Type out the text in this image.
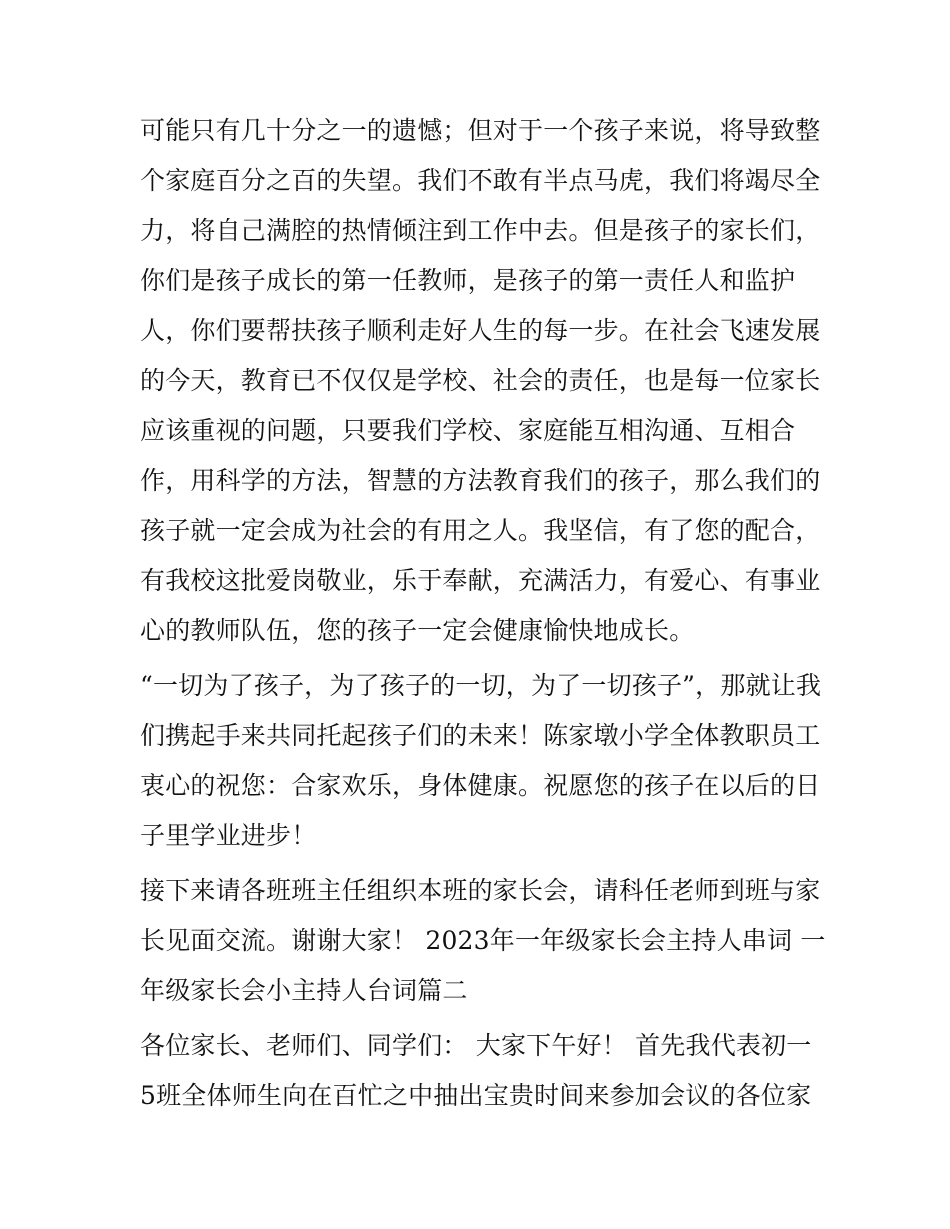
可能只有几十分之一的遗憾；但对于一个孩子来说，将导致整
个家庭百分之百的失望。我们不敢有半点马虎，我们将竭尽全
力，将自己满腔的热情倾注到工作中去。但是孩子的家长们，
你们是孩子成长的第一任教师，是孩子的第一责任人和监护
人，你们要帮扶孩子顺利走好人生的每一步。在社会飞速发展
的今天，教育已不仅仅是学校、社会的责任，也是每一位家长
应该重视的问题，只要我们学校、家庭能互相沟通、互相合
作，用科学的方法，智慧的方法教育我们的孩子，那么我们的
孩子就一定会成为社会的有用之人。我坚信，有了您的配合，
有我校这批爱岗敬业，乐于奉献，充满活力，有爱心、有事业
心的教师队伍，您的孩子一定会健康愉快地成长。
“一切为了孩子，为了孩子的一切，为了一切孩子”，那就让我
们携起手来共同托起孩子们的未来！陈家墩小学全体教职员工
衷心的祝您：合家欢乐，身体健康。祝愿您的孩子在以后的日
子里学业进步！
接下来请各班班主任组织本班的家长会，请科任老师到班与家
长见面交流。谢谢大家！ 2023年一年级家长会主持人串词 一
年级家长会小主持人台词篇二
各位家长、老师们、同学们： 大家下午好！ 首先我代表初一
5班全体师生向在百忙之中抽出宝贵时间来参加会议的各位家
